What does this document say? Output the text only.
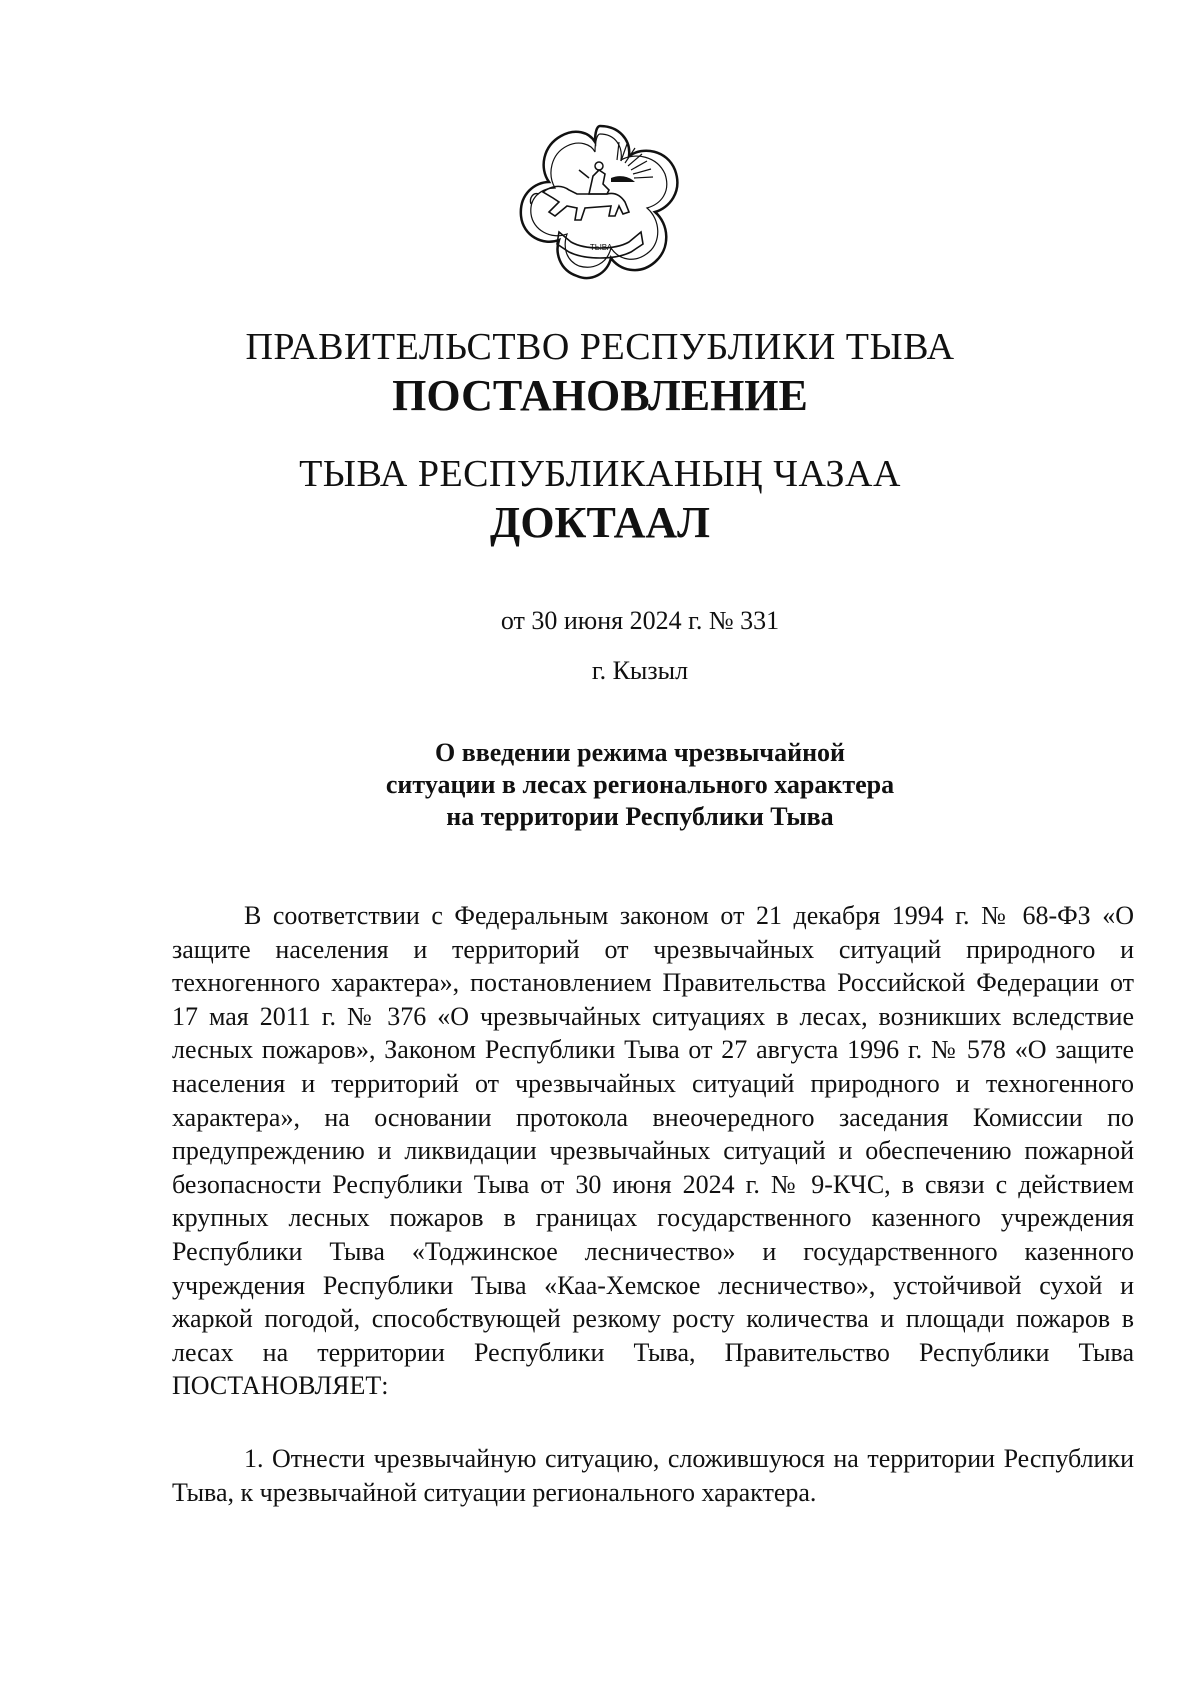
ТЫВА

ПРАВИТЕЛЬСТВО РЕСПУБЛИКИ ТЫВА

ПОСТАНОВЛЕНИЕ

ТЫВА РЕСПУБЛИКАНЫҢ ЧАЗАА

ДОКТААЛ

от 30 июня 2024 г. № 331

г. Кызыл

О введении режима чрезвычайной
ситуации в лесах регионального характера
на территории Республики Тыва

В соответствии с Федеральным законом от 21 декабря 1994 г. № 68-ФЗ «О защите населения и территорий от чрезвычайных ситуаций природного и техногенного характера», постановлением Правительства Российской Федерации от 17 мая 2011 г. № 376 «О чрезвычайных ситуациях в лесах, возникших вследствие лесных пожаров», Законом Республики Тыва от 27 августа 1996 г. № 578 «О защите населения и территорий от чрезвычайных ситуаций природного и техногенного характера», на основании протокола внеочередного заседания Комиссии по предупреждению и ликвидации чрезвычайных ситуаций и обеспечению пожарной безопасности Республики Тыва от 30 июня 2024 г. № 9-КЧС, в связи с действием крупных лесных пожаров в границах государственного казенного учреждения Республики Тыва «Тоджинское лесничество» и государственного казенного учреждения Республики Тыва «Каа-Хемское лесничество», устойчивой сухой и жаркой погодой, способствующей резкому росту количества и площади пожаров в лесах на территории Республики Тыва, Правительство Республики Тыва ПОСТАНОВЛЯЕТ:

1. Отнести чрезвычайную ситуацию, сложившуюся на территории Республики Тыва, к чрезвычайной ситуации регионального характера.
